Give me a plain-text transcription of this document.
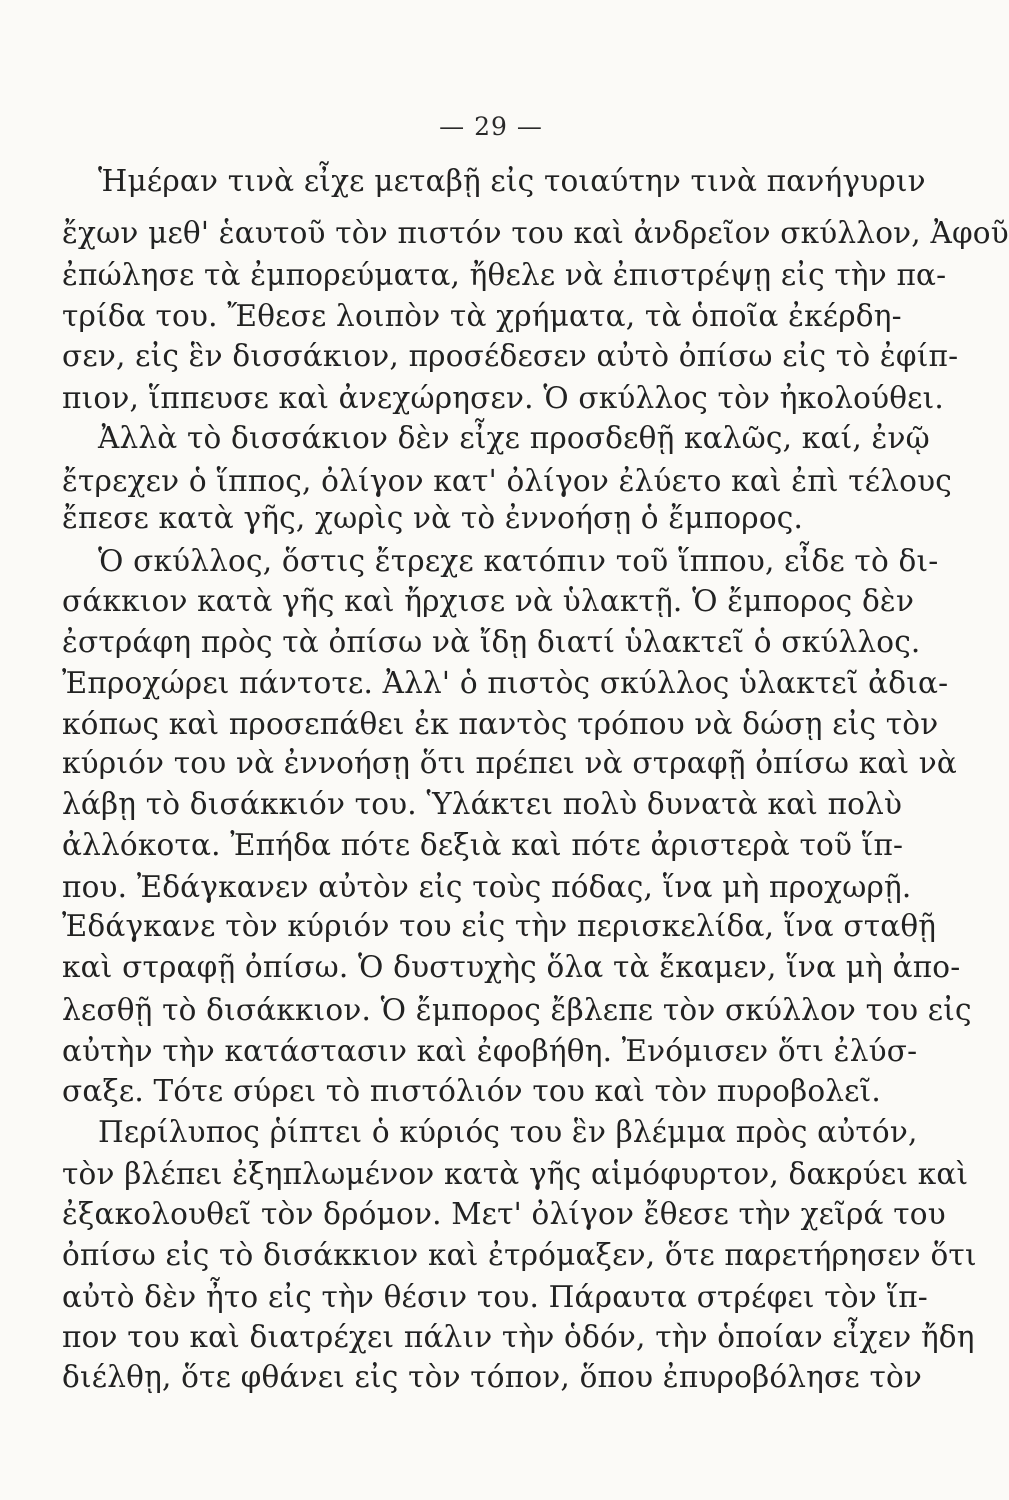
— 29 —
Ἡμέραν τινὰ εἶχε μεταβῇ εἰς τοιαύτην τινὰ πανήγυριν
ἔχων μεθ' ἑαυτοῦ τὸν πιστόν του καὶ ἀνδρεῖον σκύλλον, Ἀφοῦ
ἐπώλησε τὰ ἐμπορεύματα, ἤθελε νὰ ἐπιστρέψῃ εἰς τὴν πα-
τρίδα του. Ἔθεσε λοιπὸν τὰ χρήματα, τὰ ὁποῖα ἐκέρδη-
σεν, εἰς ἓν δισσάκιον, προσέδεσεν αὐτὸ ὀπίσω εἰς τὸ ἐφίπ-
πιον, ἵππευσε καὶ ἀνεχώρησεν. Ὁ σκύλλος τὸν ἠκολούθει.
Ἀλλὰ τὸ δισσάκιον δὲν εἶχε προσδεθῇ καλῶς, καί, ἐνῷ
ἔτρεχεν ὁ ἵππος, ὀλίγον κατ' ὀλίγον ἐλύετο καὶ ἐπὶ τέλους
ἔπεσε κατὰ γῆς, χωρὶς νὰ τὸ ἐννοήσῃ ὁ ἔμπορος.
Ὁ σκύλλος, ὅστις ἔτρεχε κατόπιν τοῦ ἵππου, εἶδε τὸ δι-
σάκκιον κατὰ γῆς καὶ ἤρχισε νὰ ὑλακτῇ. Ὁ ἔμπορος δὲν
ἐστράφη πρὸς τὰ ὀπίσω νὰ ἴδῃ διατί ὑλακτεῖ ὁ σκύλλος.
Ἐπροχώρει πάντοτε. Ἀλλ' ὁ πιστὸς σκύλλος ὑλακτεῖ ἀδια-
κόπως καὶ προσεπάθει ἐκ παντὸς τρόπου νὰ δώσῃ εἰς τὸν
κύριόν του νὰ ἐννοήσῃ ὅτι πρέπει νὰ στραφῇ ὀπίσω καὶ νὰ
λάβῃ τὸ δισάκκιόν του. Ὑλάκτει πολὺ δυνατὰ καὶ πολὺ
ἀλλόκοτα. Ἐπήδα πότε δεξιὰ καὶ πότε ἀριστερὰ τοῦ ἵπ-
που. Ἐδάγκανεν αὐτὸν εἰς τοὺς πόδας, ἵνα μὴ προχωρῇ.
Ἐδάγκανε τὸν κύριόν του εἰς τὴν περισκελίδα, ἵνα σταθῇ
καὶ στραφῇ ὀπίσω. Ὁ δυστυχὴς ὅλα τὰ ἔκαμεν, ἵνα μὴ ἀπο-
λεσθῇ τὸ δισάκκιον. Ὁ ἔμπορος ἔβλεπε τὸν σκύλλον του εἰς
αὐτὴν τὴν κατάστασιν καὶ ἐφοβήθη. Ἐνόμισεν ὅτι ἐλύσ-
σαξε. Τότε σύρει τὸ πιστόλιόν του καὶ τὸν πυροβολεῖ.
Περίλυπος ῥίπτει ὁ κύριός του ἓν βλέμμα πρὸς αὐτόν,
τὸν βλέπει ἐξηπλωμένον κατὰ γῆς αἱμόφυρτον, δακρύει καὶ
ἐξακολουθεῖ τὸν δρόμον. Μετ' ὀλίγον ἔθεσε τὴν χεῖρά του
ὀπίσω εἰς τὸ δισάκκιον καὶ ἐτρόμαξεν, ὅτε παρετήρησεν ὅτι
αὐτὸ δὲν ἦτο εἰς τὴν θέσιν του. Πάραυτα στρέφει τὸν ἵπ-
πον του καὶ διατρέχει πάλιν τὴν ὁδόν, τὴν ὁποίαν εἶχεν ἤδη
διέλθῃ, ὅτε φθάνει εἰς τὸν τόπον, ὅπου ἐπυροβόλησε τὸν
